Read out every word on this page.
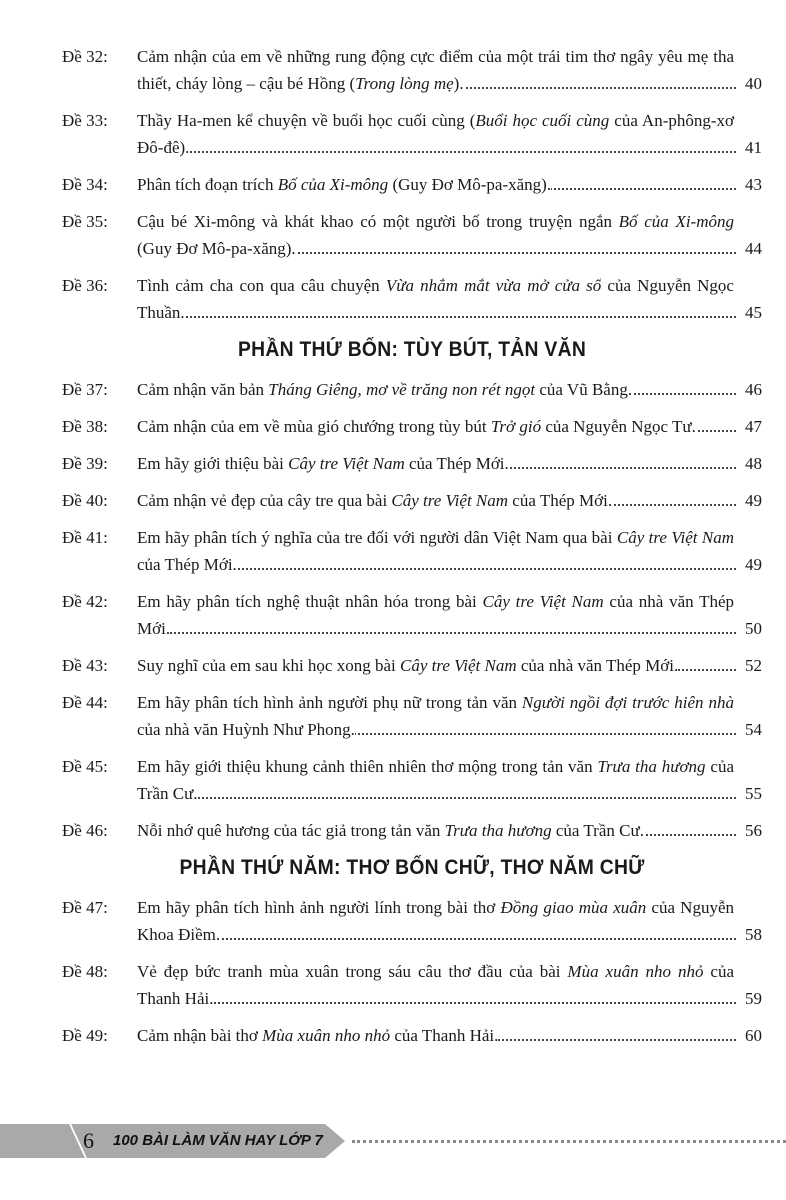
Đề 32: Cảm nhận của em về những rung động cực điểm của một trái tim thơ ngây yêu mẹ tha thiết, cháy lòng – cậu bé Hồng (Trong lòng mẹ).	40
Đề 33: Thầy Ha-men kể chuyện về buổi học cuối cùng (Buổi học cuối cùng của An-phông-xơ Đô-đê).	41
Đề 34: Phân tích đoạn trích Bố của Xi-mông (Guy Đơ Mô-pa-xăng).	43
Đề 35: Cậu bé Xi-mông và khát khao có một người bố trong truyện ngắn Bố của Xi-mông (Guy Đơ Mô-pa-xăng).	44
Đề 36: Tình cảm cha con qua câu chuyện Vừa nhắm mắt vừa mở cửa sổ của Nguyễn Ngọc Thuần.	45
PHẦN THỨ BỐN: TÙY BÚT, TẢN VĂN
Đề 37: Cảm nhận văn bản Tháng Giêng, mơ về trăng non rét ngọt của Vũ Bằng.	46
Đề 38: Cảm nhận của em về mùa gió chướng trong tùy bút Trở gió của Nguyễn Ngọc Tư.	47
Đề 39: Em hãy giới thiệu bài Cây tre Việt Nam của Thép Mới.	48
Đề 40: Cảm nhận vẻ đẹp của cây tre qua bài Cây tre Việt Nam của Thép Mới.	49
Đề 41: Em hãy phân tích ý nghĩa của tre đối với người dân Việt Nam qua bài Cây tre Việt Nam của Thép Mới.	49
Đề 42: Em hãy phân tích nghệ thuật nhân hóa trong bài Cây tre Việt Nam của nhà văn Thép Mới.	50
Đề 43: Suy nghĩ của em sau khi học xong bài Cây tre Việt Nam của nhà văn Thép Mới.	52
Đề 44: Em hãy phân tích hình ảnh người phụ nữ trong tản văn Người ngồi đợi trước hiên nhà của nhà văn Huỳnh Như Phong.	54
Đề 45: Em hãy giới thiệu khung cảnh thiên nhiên thơ mộng trong tản văn Trưa tha hương của Trần Cư.	55
Đề 46: Nỗi nhớ quê hương của tác giả trong tản văn Trưa tha hương của Trần Cư.	56
PHẦN THỨ NĂM: THƠ BỐN CHỮ, THƠ NĂM CHỮ
Đề 47: Em hãy phân tích hình ảnh người lính trong bài thơ Đồng giao mùa xuân của Nguyễn Khoa Điềm.	58
Đề 48: Vẻ đẹp bức tranh mùa xuân trong sáu câu thơ đầu của bài Mùa xuân nho nhỏ của Thanh Hải.	59
Đề 49: Cảm nhận bài thơ Mùa xuân nho nhỏ của Thanh Hải.	60
6 100 BÀI LÀM VĂN HAY LỚP 7
